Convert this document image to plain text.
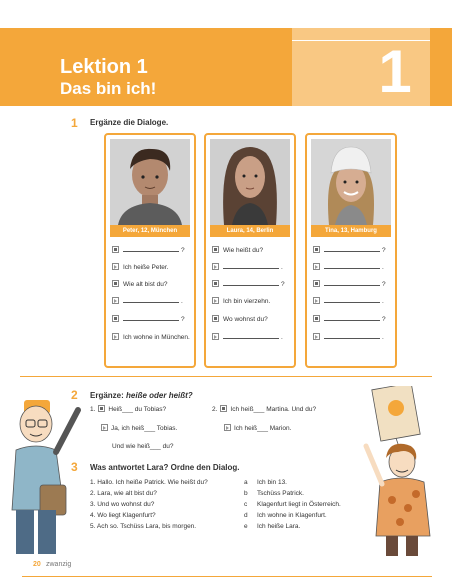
Lektion 1
Das bin ich!	1
1 Ergänze die Dialoge.
Peter, 12, München
?
Ich heiße Peter.
Wie alt bist du?
.
?
Ich wohne in München.
Laura, 14, Berlin
Wie heißt du?
.
?
Ich bin vierzehn.
Wo wohnst du?
.
Tina, 13, Hamburg
?
.
?
.
?
.
2 Ergänze: heiße oder heißt?
1. Heiß___ du Tobias?
Ja, ich heiß___ Tobias.
Und wie heiß___ du?
2. Ich heiß___ Martina. Und du?
Ich heiß___ Marion.
3 Was antwortet Lara? Ordne den Dialog.
1. Hallo. Ich heiße Patrick. Wie heißt du?	a Ich bin 13.
2. Lara, wie alt bist du?	b Tschüss Patrick.
3. Und wo wohnst du?	c Klagenfurt liegt in Österreich.
4. Wo liegt Klagenfurt?	d Ich wohne in Klagenfurt.
5. Ach so. Tschüss Lara, bis morgen.	e Ich heiße Lara.
20 zwanzig
